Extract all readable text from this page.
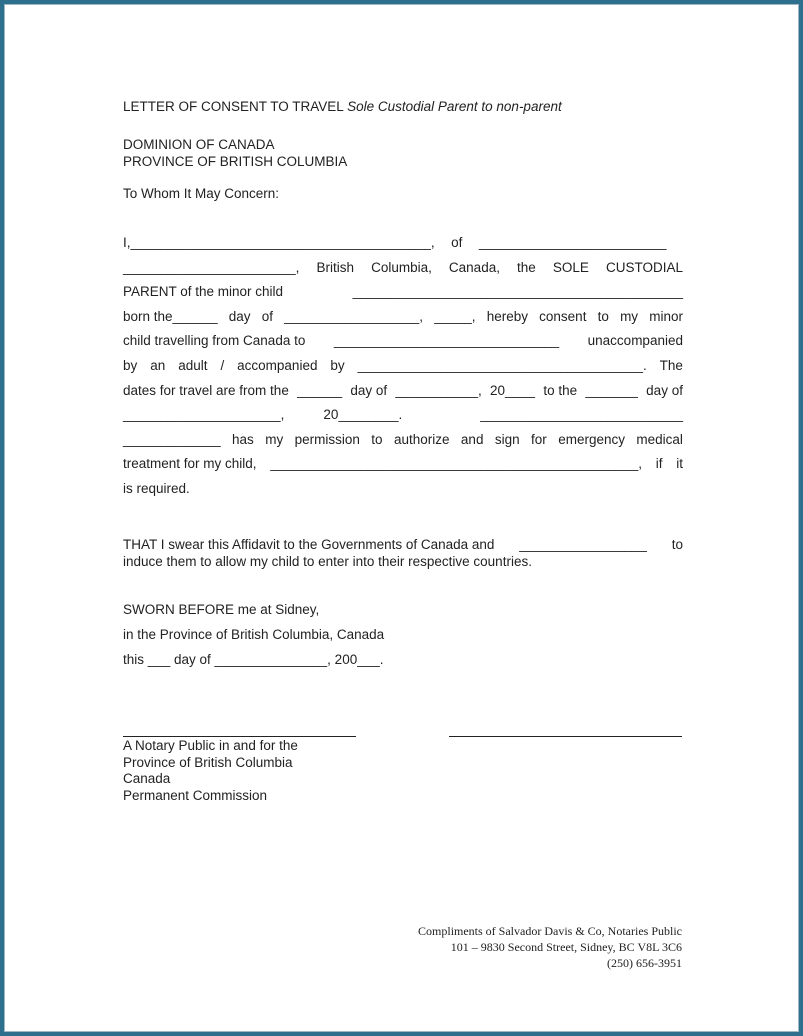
LETTER OF CONSENT TO TRAVEL Sole Custodial Parent to non-parent
DOMINION OF CANADA
PROVINCE OF BRITISH COLUMBIA
To Whom It May Concern:
I,________________________________________, of _________________________
_______________________, British Columbia, Canada, the SOLE CUSTODIAL
PARENT of the minor child	____________________________________________
born the______ day of __________________, _____, hereby consent to my minor
child travelling from Canada to ______________________________ unaccompanied
by an adult / accompanied by ______________________________________. The
dates for travel are from the ______ day of ___________, 20____ to the _______ day of
_____________________,	20________.	___________________________
_____________ has my permission to authorize and sign for emergency medical
treatment for my child, _________________________________________________, if it
is required.
THAT I swear this Affidavit to the Governments of Canada and _________________ to
induce them to allow my child to enter into their respective countries.
SWORN BEFORE me at Sidney,
in the Province of British Columbia, Canada
this ___ day of _______________, 200___.
A Notary Public in and for the
Province of British Columbia
Canada
Permanent Commission
Compliments of Salvador Davis & Co, Notaries Public
101 – 9830 Second Street, Sidney, BC V8L 3C6
(250) 656-3951
